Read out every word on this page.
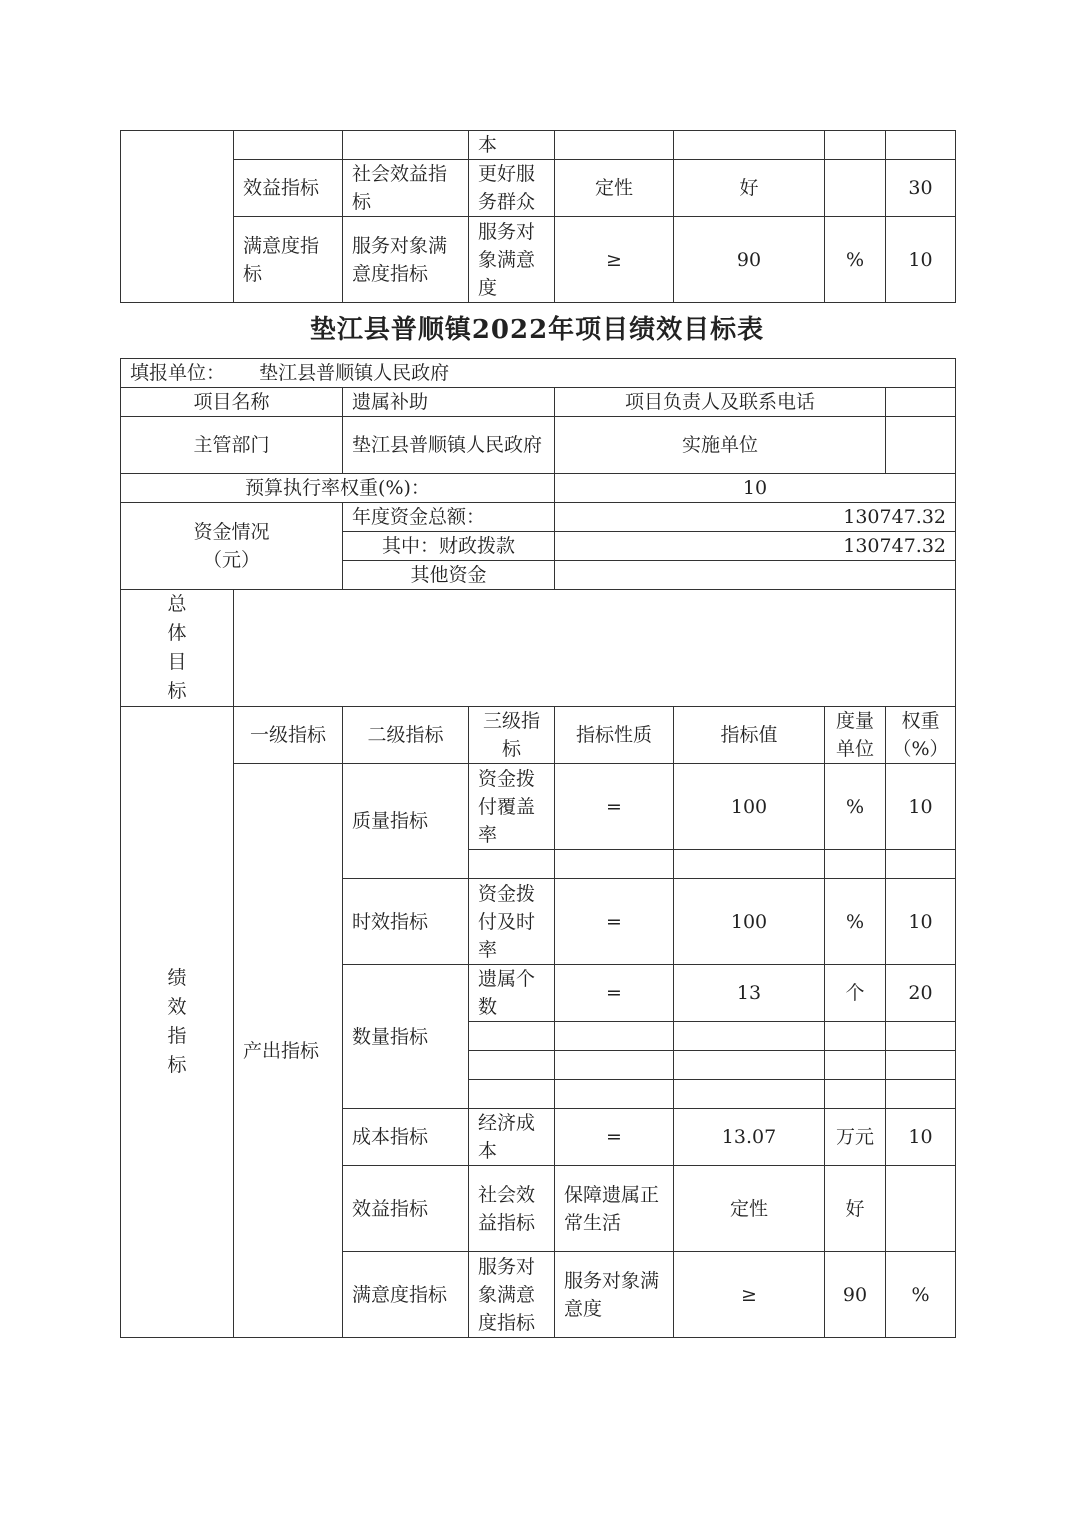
			本				
	效益指标	社会效益指标	更好服务群众	定性	好		30
	满意度指标	服务对象满意度指标	服务对象满意度	≥	90	%	10
垫江县普顺镇2022年项目绩效目标表
填报单位： 垫江县普顺镇人民政府								
项目名称		遗属补助		项目负责人及联系电话				
主管部门		垫江县普顺镇人民政府		实施单位				
预算执行率权重(%)：				10				

资金情况
（元）		年度资金总额：		130747.32				
		其中：财政拨款		130747.32				
		其他资金						

总
体
目
标								

绩
效
指
标	一级指标	二级指标	三级指标	指标性质	指标值	度量单位	权重（%）	
	产出指标	质量指标	资金拨付覆盖率	=	100	%	10	

		时效指标	资金拨付及时率	=	100	%	10	
		数量指标	遗属个数	=	13	个	20	

		成本指标	经济成本	=	13.07	万元	10	
		效益指标	社会效益指标	保障遗属正常生活	定性	好		
		满意度指标	服务对象满意度指标	服务对象满意度	≥	90	%	
